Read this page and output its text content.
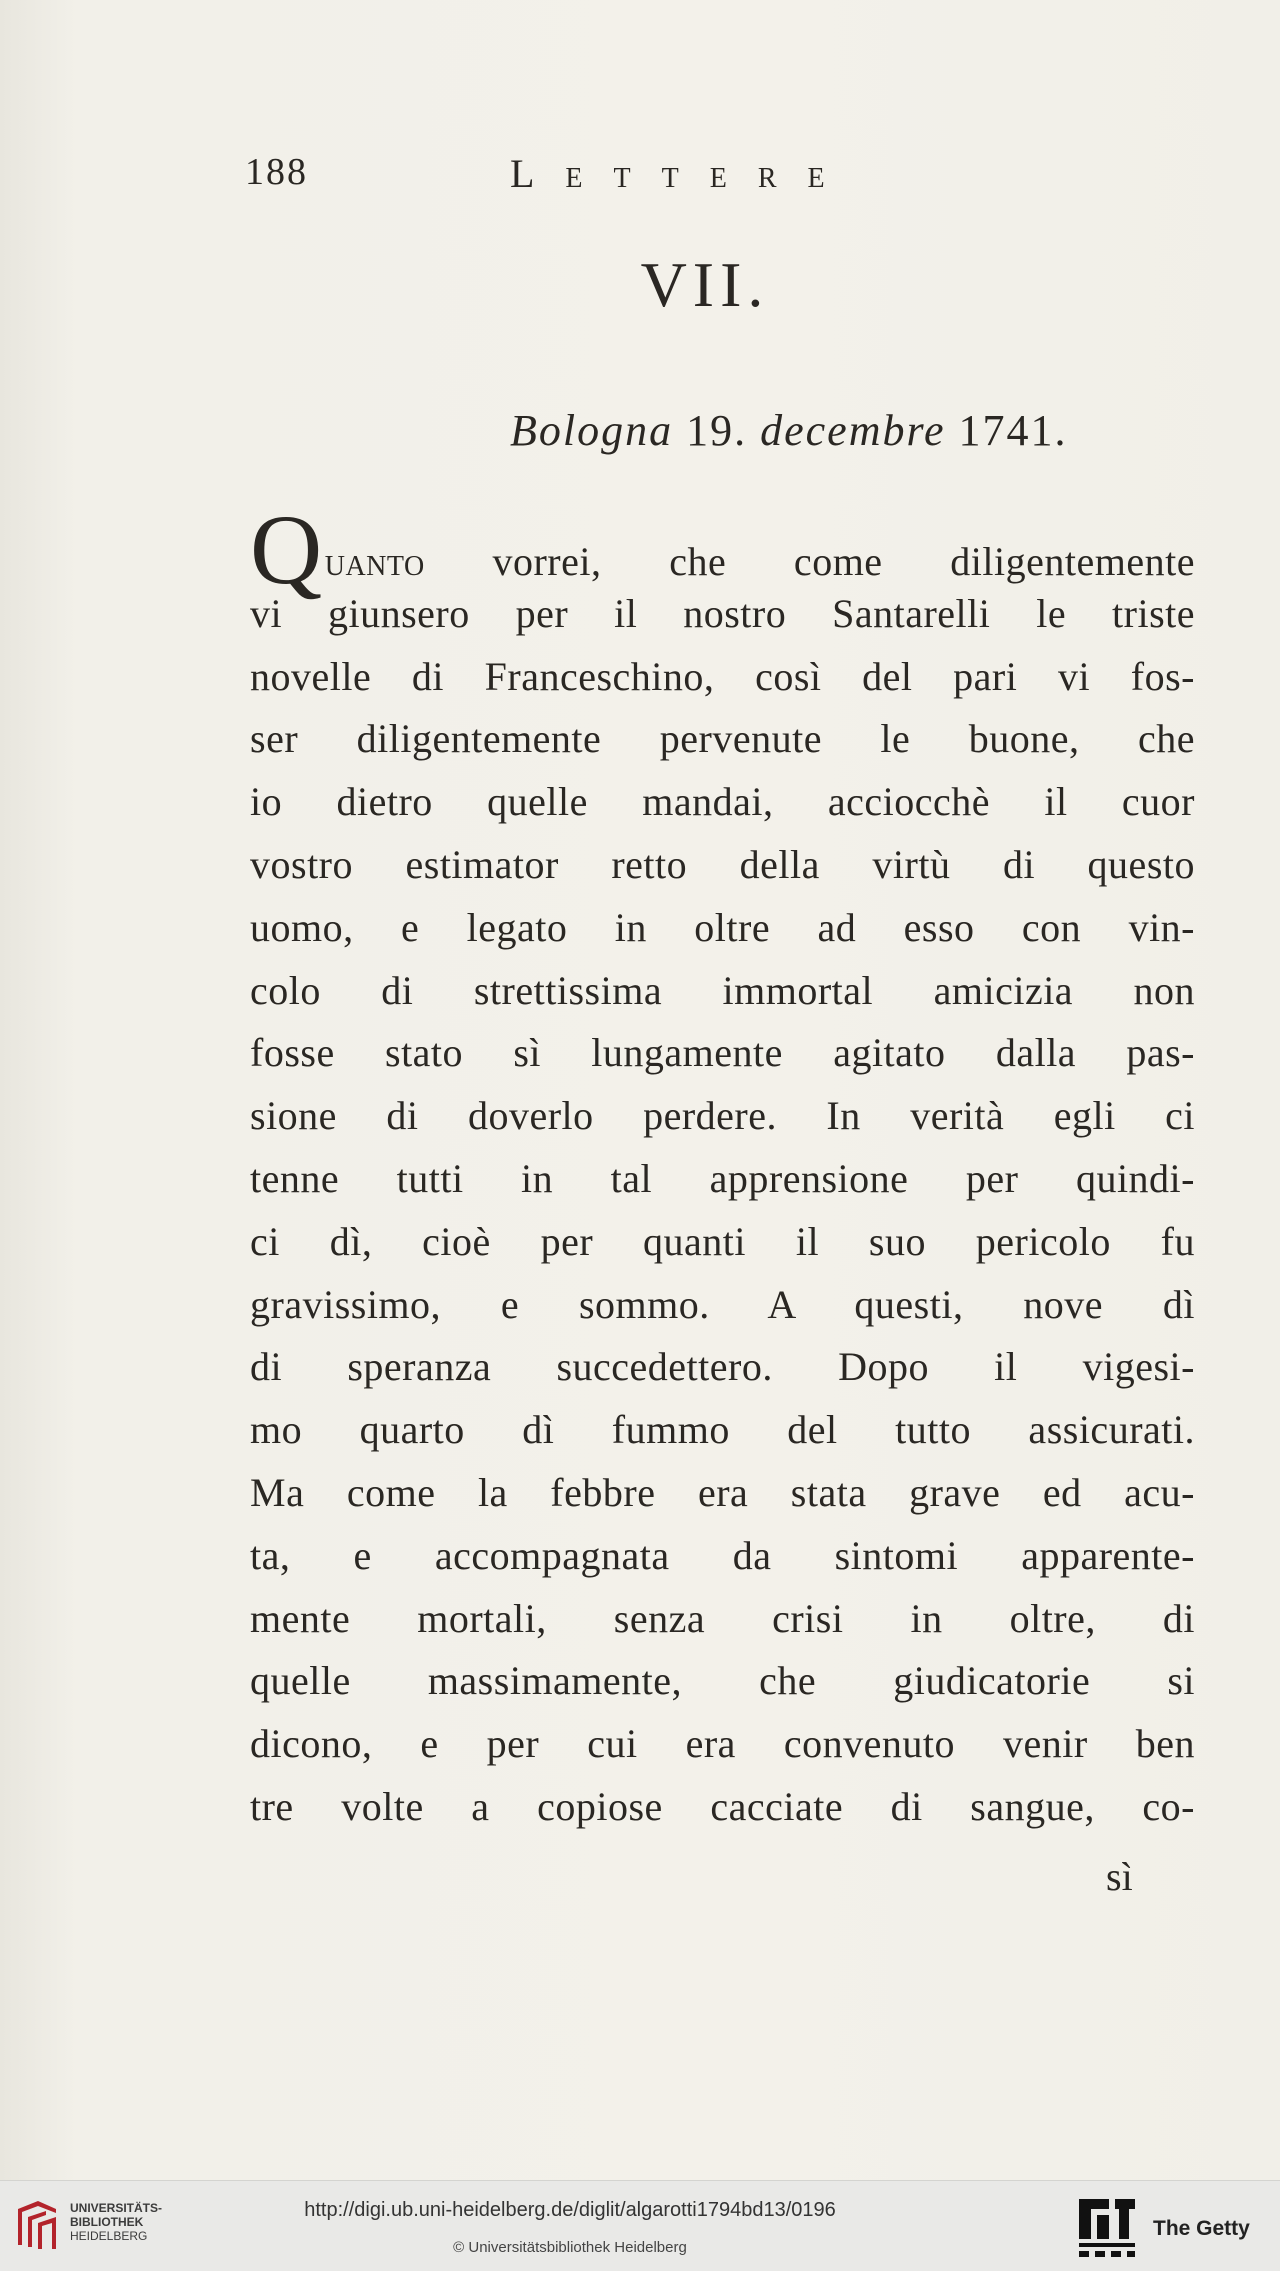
188	Lettere
VII.
Bologna 19. decembre 1741.
Quanto vorrei, che come diligentemente
vi giunsero per il nostro Santarelli le triste
novelle di Franceschino, così del pari vi fos-
ser diligentemente pervenute le buone, che
io dietro quelle mandai, acciocchè il cuor
vostro estimator retto della virtù di questo
uomo, e legato in oltre ad esso con vin-
colo di strettissima immortal amicizia non
fosse stato sì lungamente agitato dalla pas-
sione di doverlo perdere. In verità egli ci
tenne tutti in tal apprensione per quindi-
ci dì, cioè per quanti il suo pericolo fu
gravissimo, e sommo. A questi, nove dì
di speranza succedettero. Dopo il vigesi-
mo quarto dì fummo del tutto assicurati.
Ma come la febbre era stata grave ed acu-
ta, e accompagnata da sintomi apparente-
mente mortali, senza crisi in oltre, di
quelle massimamente, che giudicatorie si
dicono, e per cui era convenuto venir ben
tre volte a copiose cacciate di sangue, co-
sì
UNIVERSITÄTS-
BIBLIOTHEK
HEIDELBERG
http://digi.ub.uni-heidelberg.de/diglit/algarotti1794bd13/0196
© Universitätsbibliothek Heidelberg
The Getty
